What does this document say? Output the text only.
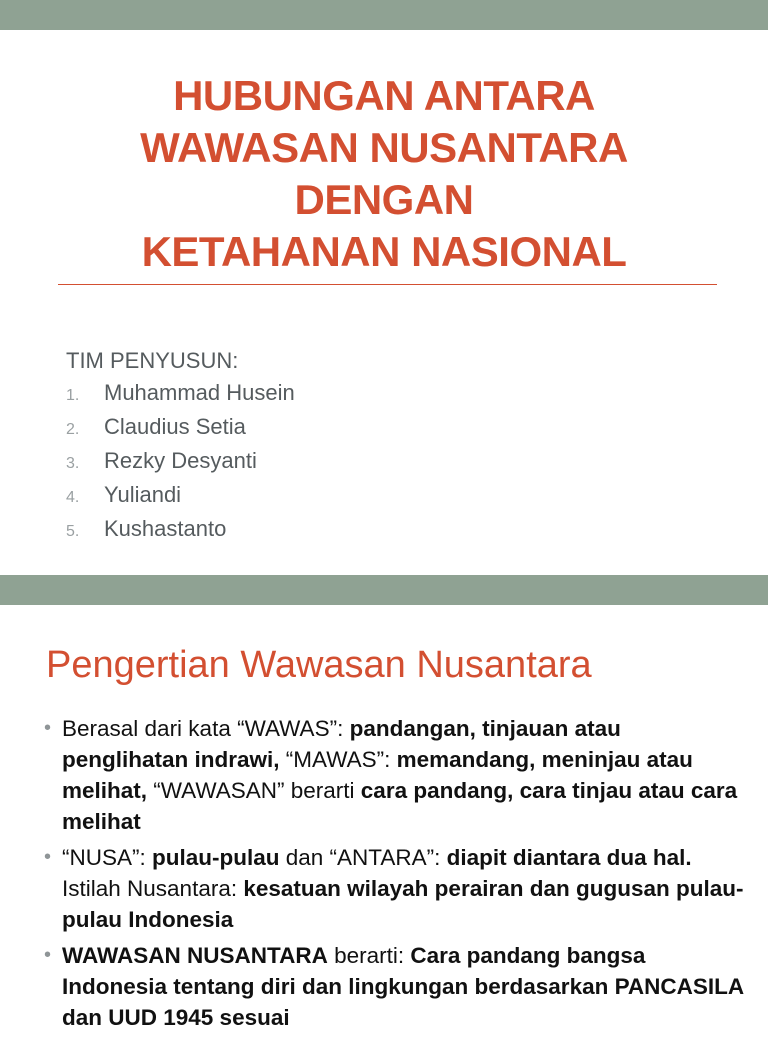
HUBUNGAN ANTARA
WAWASAN NUSANTARA
DENGAN
KETAHANAN NASIONAL
TIM PENYUSUN:
1. Muhammad Husein
2. Claudius Setia
3. Rezky Desyanti
4. Yuliandi
5. Kushastanto
Pengertian Wawasan Nusantara
• Berasal dari kata “WAWAS”: pandangan, tinjauan atau penglihatan indrawi, “MAWAS”: memandang, meninjau atau melihat, “WAWASAN” berarti cara pandang, cara tinjau atau cara melihat
• “NUSA”: pulau-pulau dan “ANTARA”: diapit diantara dua hal. Istilah Nusantara: kesatuan wilayah perairan dan gugusan pulau-pulau Indonesia
• WAWASAN NUSANTARA berarti: Cara pandang bangsa Indonesia tentang diri dan lingkungan berdasarkan PANCASILA dan UUD 1945 sesuai
